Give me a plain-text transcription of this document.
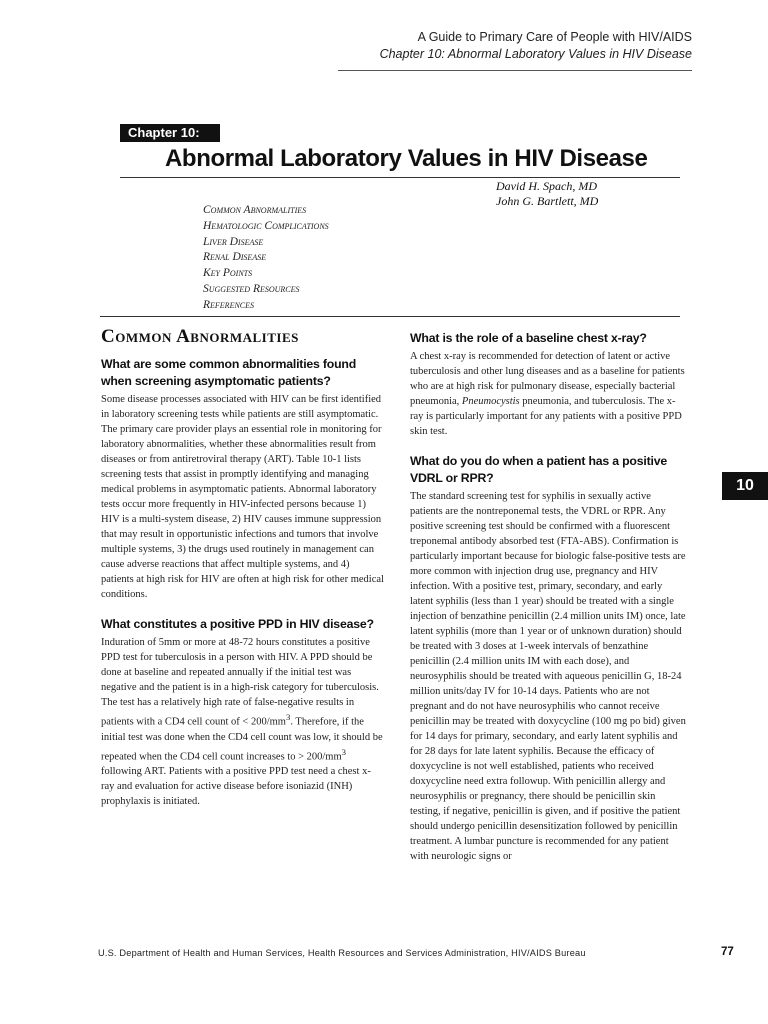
A Guide to Primary Care of People with HIV/AIDS
Chapter 10: Abnormal Laboratory Values in HIV Disease
Chapter 10:
Abnormal Laboratory Values in HIV Disease
David H. Spach, MD
John G. Bartlett, MD
Common Abnormalities
Hematologic Complications
Liver Disease
Renal Disease
Key Points
Suggested Resources
References
Common Abnormalities
What are some common abnormalities found when screening asymptomatic patients?

Some disease processes associated with HIV can be first identified in laboratory screening tests while patients are still asymptomatic. The primary care provider plays an essential role in monitoring for laboratory abnormalities, whether these abnormalities result from diseases or from antiretroviral therapy (ART). Table 10-1 lists screening tests that assist in promptly identifying and managing medical problems in asymptomatic patients. Abnormal laboratory tests occur more frequently in HIV-infected persons because 1) HIV is a multi-system disease, 2) HIV causes immune suppression that may result in opportunistic infections and tumors that involve multiple systems, 3) the drugs used routinely in management can cause adverse reactions that affect multiple systems, and 4) patients at high risk for HIV are often at high risk for other medical conditions.

What constitutes a positive PPD in HIV disease?

Induration of 5mm or more at 48-72 hours constitutes a positive PPD test for tuberculosis in a person with HIV. A PPD should be done at baseline and repeated annually if the initial test was negative and the patient is in a high-risk category for tuberculosis. The test has a relatively high rate of false-negative results in patients with a CD4 cell count of < $200/mm^3$. Therefore, if the initial test was done when the CD4 cell count was low, it should be repeated when the CD4 cell count increases to > $200/mm^3$ following ART. Patients with a positive PPD test need a chest x-ray and evaluation for active disease before isoniazid (INH) prophylaxis is initiated.

What is the role of a baseline chest x-ray?

A chest x-ray is recommended for detection of latent or active tuberculosis and other lung diseases and as a baseline for patients who are at high risk for pulmonary disease, especially bacterial pneumonia, Pneumocystis pneumonia, and tuberculosis. The x-ray is particularly important for any patients with a positive PPD skin test.

What do you do when a patient has a positive VDRL or RPR?

The standard screening test for syphilis in sexually active patients are the nontreponemal tests, the VDRL or RPR. Any positive screening test should be confirmed with a fluorescent treponemal antibody absorbed test (FTA-ABS). Confirmation is particularly important because for biologic false-positive tests are more common with injection drug use, pregnancy and HIV infection. With a positive test, primary, secondary, and early latent syphilis (less than 1 year) should be treated with a single injection of benzathine penicillin (2.4 million units IM) once, late latent syphilis (more than 1 year or of unknown duration) should be treated with 3 doses at 1-week intervals of benzathine penicillin (2.4 million units IM with each dose), and neurosyphilis should be treated with aqueous penicillin G, 18-24 million units/day IV for 10-14 days. Patients who are not pregnant and do not have neurosyphilis who cannot receive penicillin may be treated with doxycycline (100 mg po bid) given for 14 days for primary, secondary, and early latent syphilis and for 28 days for late latent syphilis. Because the efficacy of doxycycline is not well established, patients who received doxycycline need extra followup. With penicillin allergy and neurosyphilis or pregnancy, there should be penicillin skin testing, if negative, penicillin is given, and if positive the patient should undergo penicillin desensitization followed by penicillin treatment. A lumbar puncture is recommended for any patient with neurologic signs or

10
U.S. Department of Health and Human Services, Health Resources and Services Administration, HIV/AIDS Bureau	77
